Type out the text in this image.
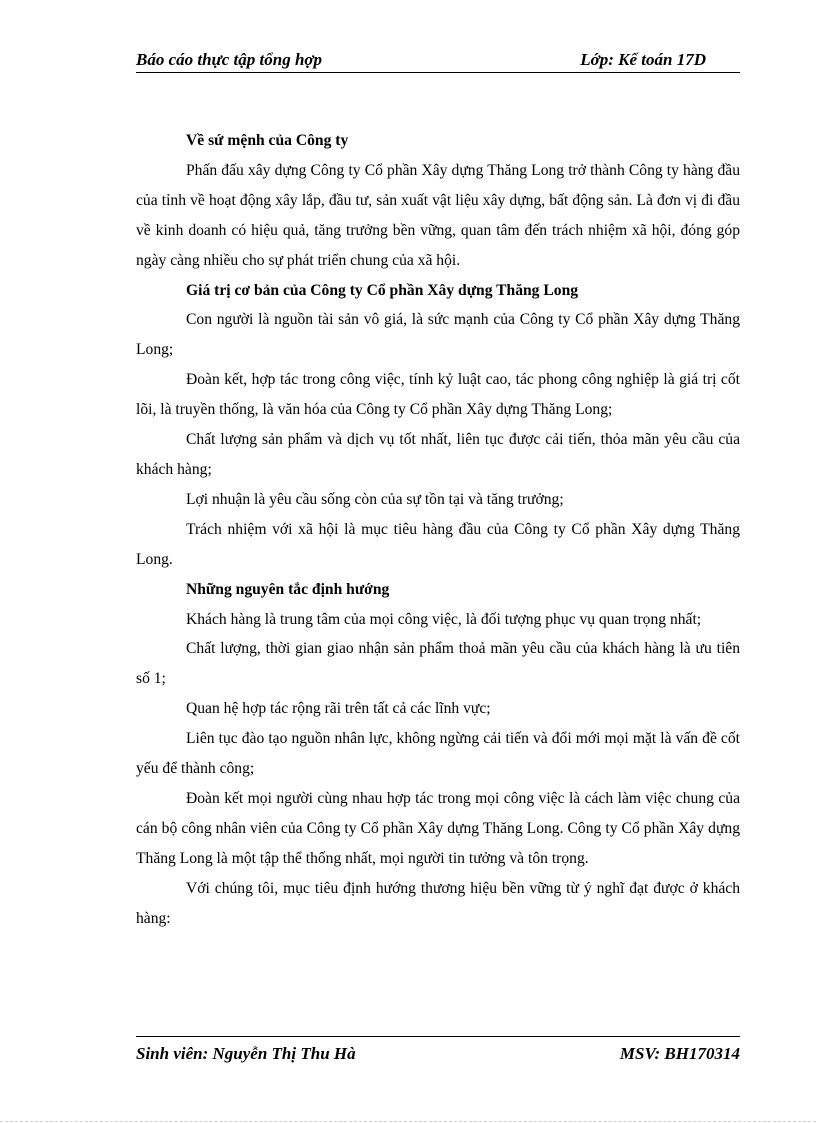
Báo cáo thực tập tổng hợp	Lớp: Kế toán 17D

Về sứ mệnh của Công ty

Phấn đấu xây dựng Công ty Cổ phần Xây dựng Thăng Long trở thành Công ty hàng đầu của tỉnh về hoạt động xây lắp, đầu tư, sản xuất vật liệu xây dựng, bất động sản. Là đơn vị đi đầu về kinh doanh có hiệu quả, tăng trưởng bền vững, quan tâm đến trách nhiệm xã hội, đóng góp ngày càng nhiều cho sự phát triển chung của xã hội.

Giá trị cơ bản của Công ty Cổ phần Xây dựng Thăng Long

Con người là nguồn tài sản vô giá, là sức mạnh của Công ty Cổ phần Xây dựng Thăng Long;

Đoàn kết, hợp tác trong công việc, tính kỷ luật cao, tác phong công nghiệp là giá trị cốt lõi, là truyền thống, là văn hóa của Công ty Cổ phần Xây dựng Thăng Long;

Chất lượng sản phẩm và dịch vụ tốt nhất, liên tục được cải tiến, thỏa mãn yêu cầu của khách hàng;

Lợi nhuận là yêu cầu sống còn của sự tồn tại và tăng trưởng;

Trách nhiệm với xã hội là mục tiêu hàng đầu của Công ty Cổ phần Xây dựng Thăng Long.

Những nguyên tắc định hướng

Khách hàng là trung tâm của mọi công việc, là đối tượng phục vụ quan trọng nhất;

Chất lượng, thời gian giao nhận sản phẩm thoả mãn yêu cầu của khách hàng là ưu tiên số 1;

Quan hệ hợp tác rộng rãi trên tất cả các lĩnh vực;

Liên tục đào tạo nguồn nhân lực, không ngừng cải tiến và đổi mới mọi mặt là vấn đề cốt yếu để thành công;

Đoàn kết mọi người cùng nhau hợp tác trong mọi công việc là cách làm việc chung của cán bộ công nhân viên của Công ty Cổ phần Xây dựng Thăng Long. Công ty Cổ phần Xây dựng Thăng Long là một tập thể thống nhất, mọi người tin tưởng và tôn trọng.

Với chúng tôi, mục tiêu định hướng thương hiệu bền vững từ ý nghĩ đạt được ở khách hàng:

Sinh viên: Nguyễn Thị Thu Hà	MSV: BH170314
